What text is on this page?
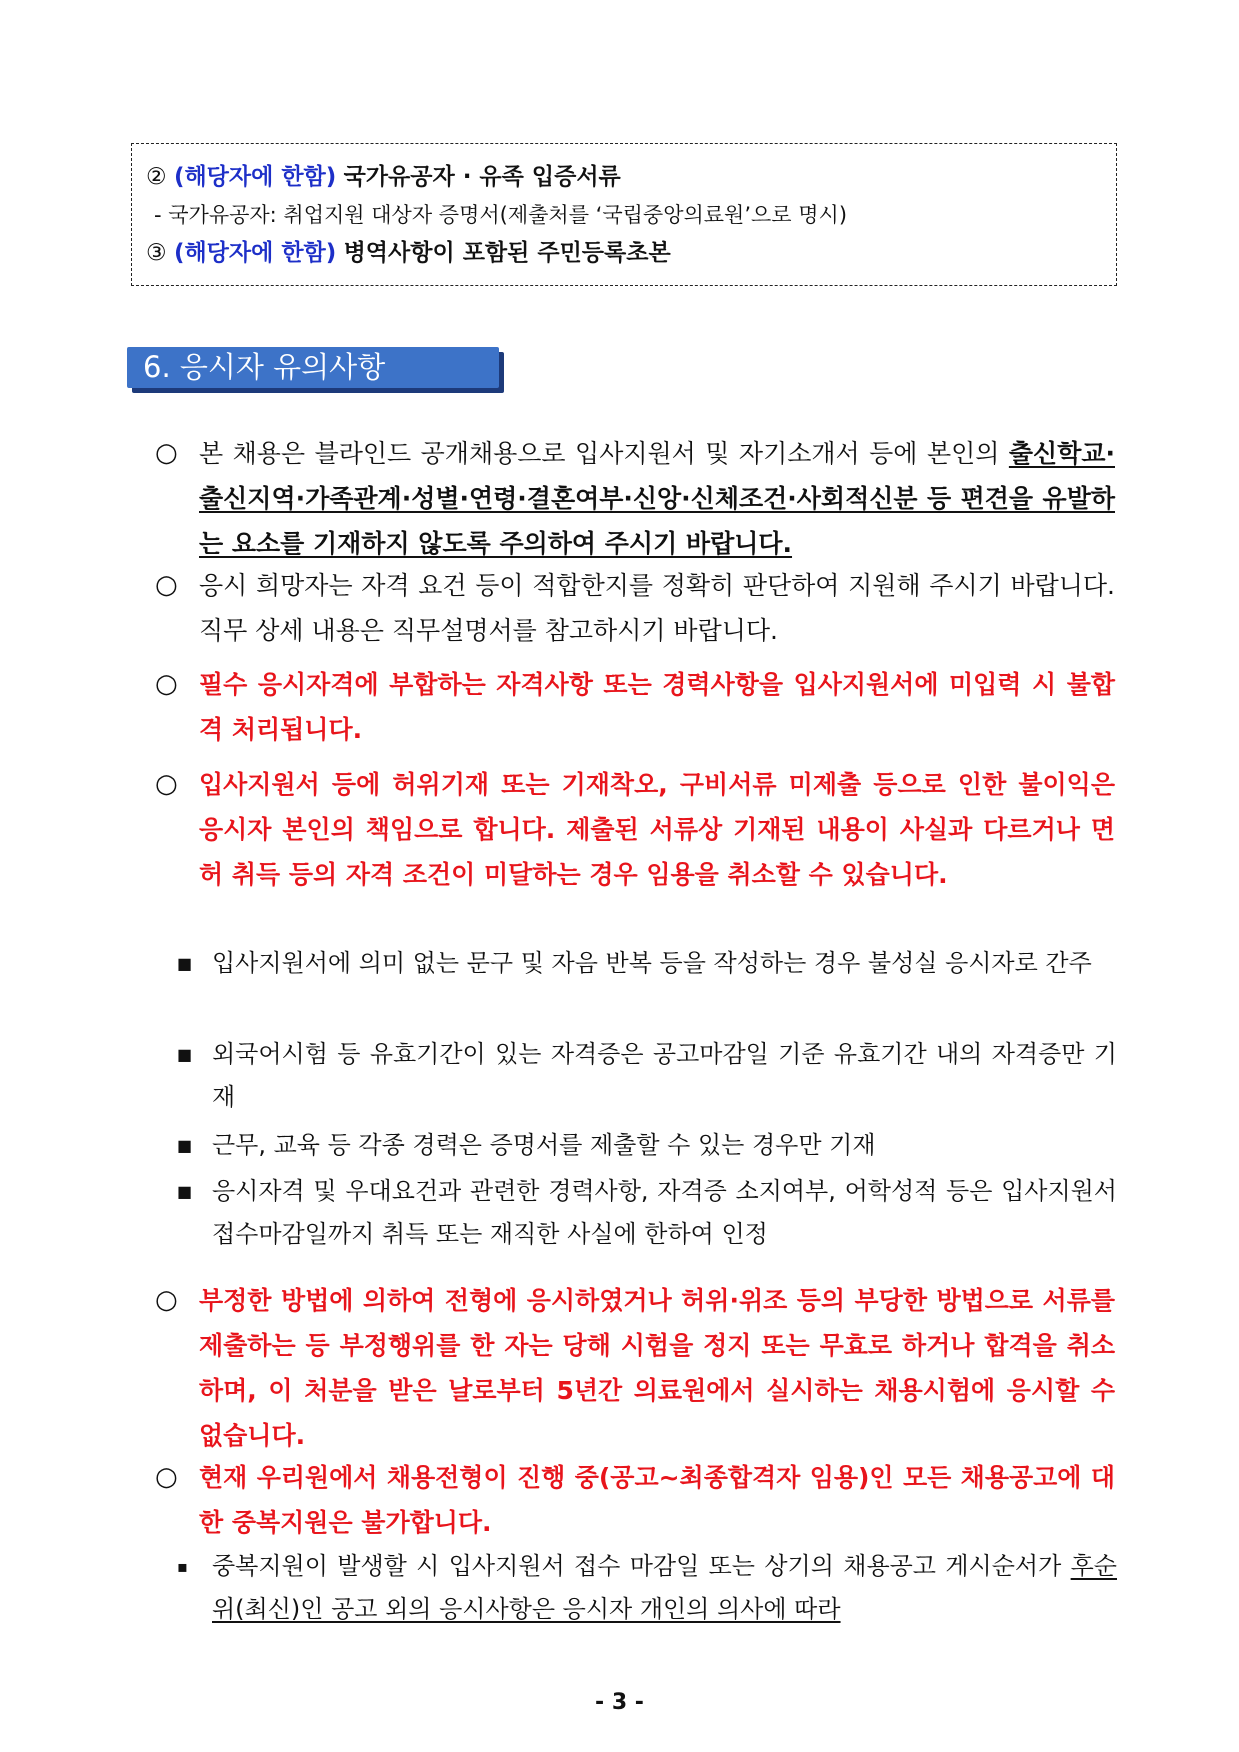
② (해당자에 한함) 국가유공자 · 유족 입증서류
- 국가유공자: 취업지원 대상자 증명서(제출처를 ‘국립중앙의료원’으로 명시)
③ (해당자에 한함) 병역사항이 포함된 주민등록초본
6. 응시자 유의사항
○ 본 채용은 블라인드 공개채용으로 입사지원서 및 자기소개서 등에 본인의 출신학교·출신지역·가족관계·성별·연령·결혼여부·신앙·신체조건·사회적신분 등 편견을 유발하는 요소를 기재하지 않도록 주의하여 주시기 바랍니다.
○ 응시 희망자는 자격 요건 등이 적합한지를 정확히 판단하여 지원해 주시기 바랍니다. 직무 상세 내용은 직무설명서를 참고하시기 바랍니다.
○ 필수 응시자격에 부합하는 자격사항 또는 경력사항을 입사지원서에 미입력 시 불합격 처리됩니다.
○ 입사지원서 등에 허위기재 또는 기재착오, 구비서류 미제출 등으로 인한 불이익은 응시자 본인의 책임으로 합니다. 제출된 서류상 기재된 내용이 사실과 다르거나 면허 취득 등의 자격 조건이 미달하는 경우 임용을 취소할 수 있습니다.
■ 입사지원서에 의미 없는 문구 및 자음 반복 등을 작성하는 경우 불성실 응시자로 간주
■ 외국어시험 등 유효기간이 있는 자격증은 공고마감일 기준 유효기간 내의 자격증만 기재
■ 근무, 교육 등 각종 경력은 증명서를 제출할 수 있는 경우만 기재
■ 응시자격 및 우대요건과 관련한 경력사항, 자격증 소지여부, 어학성적 등은 입사지원서 접수마감일까지 취득 또는 재직한 사실에 한하여 인정
○ 부정한 방법에 의하여 전형에 응시하였거나 허위·위조 등의 부당한 방법으로 서류를 제출하는 등 부정행위를 한 자는 당해 시험을 정지 또는 무효로 하거나 합격을 취소하며, 이 처분을 받은 날로부터 5년간 의료원에서 실시하는 채용시험에 응시할 수 없습니다.
○ 현재 우리원에서 채용전형이 진행 중(공고~최종합격자 임용)인 모든 채용공고에 대한 중복지원은 불가합니다.
▪ 중복지원이 발생할 시 입사지원서 접수 마감일 또는 상기의 채용공고 게시순서가 후순위(최신)인 공고 외의 응시사항은 응시자 개인의 의사에 따라
- 3 -
